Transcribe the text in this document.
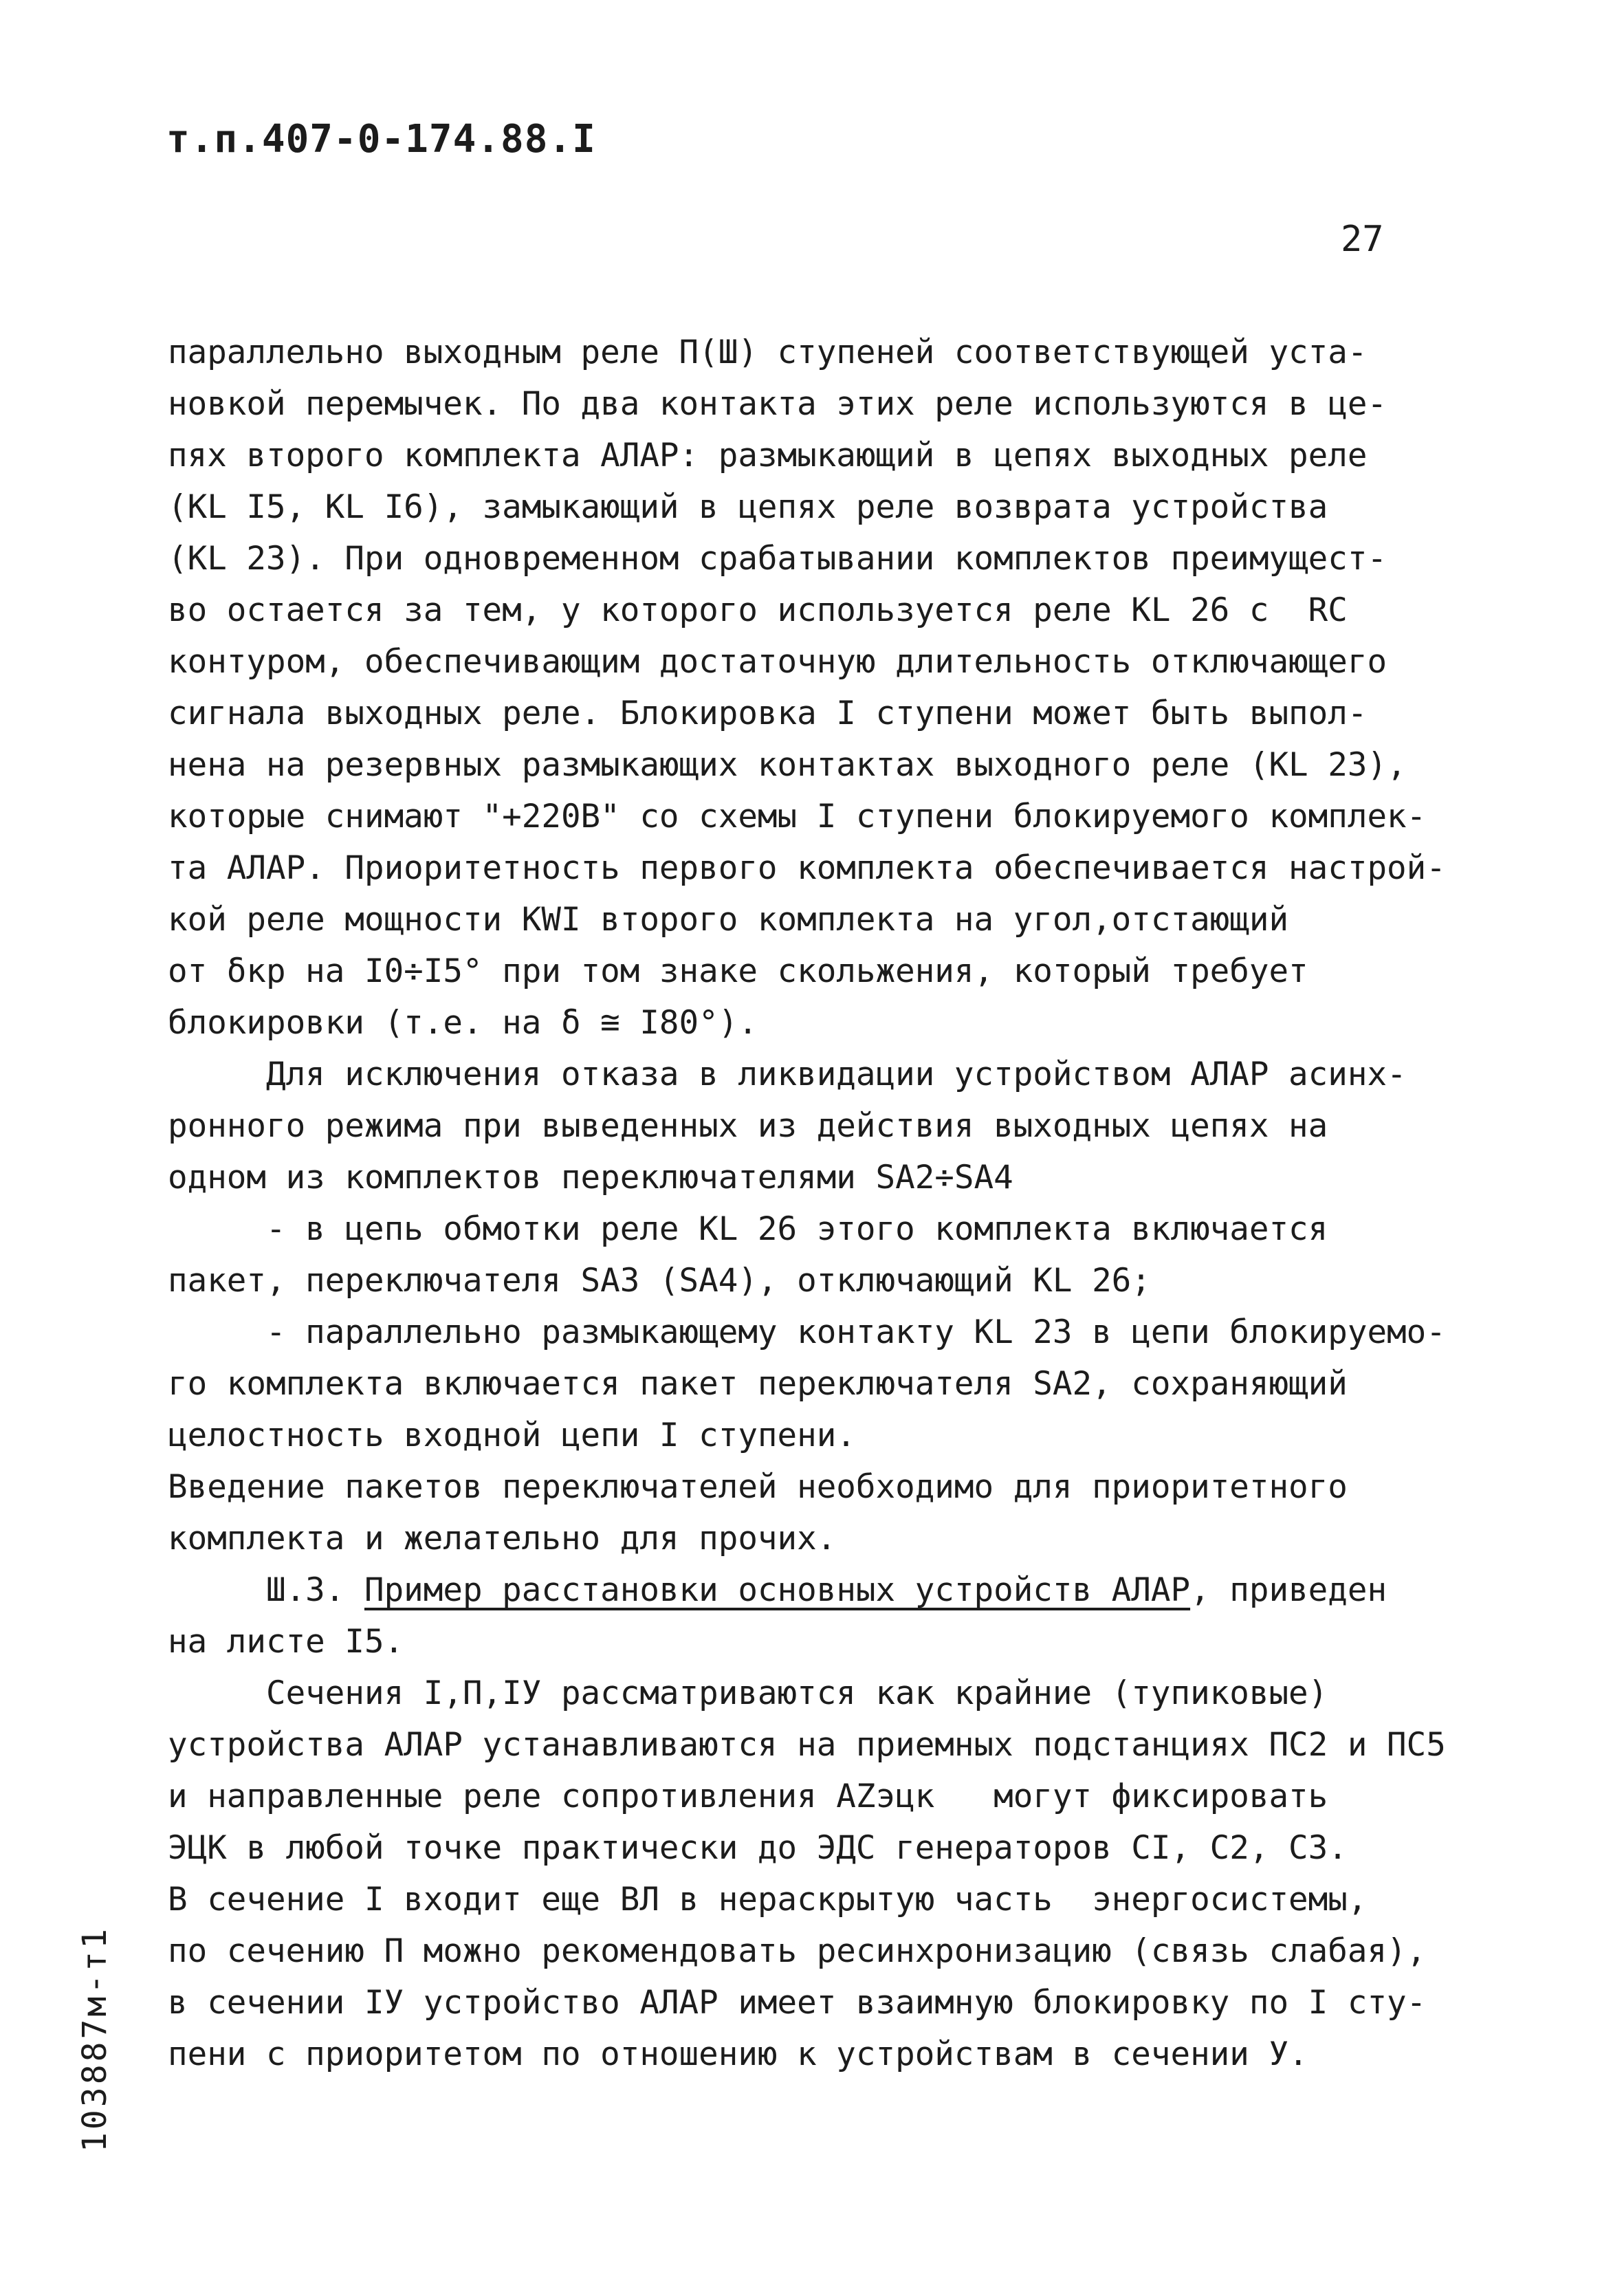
т.п.407-0-174.88.I
27
параллельно выходным реле П(Ш) ступеней соответствующей уста-
новкой перемычек. По два контакта этих реле используются в це-
пях второго комплекта АЛАР: размыкающий в цепях выходных реле
(KL I5, KL I6), замыкающий в цепях реле возврата устройства
(KL 23). При одновременном срабатывании комплектов преимущест-
во остается за тем, у которого используется реле KL 26 с  RC
контуром, обеспечивающим достаточную длительность отключающего
сигнала выходных реле. Блокировка I ступени может быть выпол-
нена на резервных размыкающих контактах выходного реле (KL 23),
которые снимают "+220В" со схемы I ступени блокируемого комплек-
та АЛАР. Приоритетность первого комплекта обеспечивается настрой-
кой реле мощности KWI второго комплекта на угол,отстающий
от δкр на I0÷I5° при том знаке скольжения, который требует
блокировки (т.е. на δ ≅ I80°).
Для исключения отказа в ликвидации устройством АЛАР асинх-
ронного режима при выведенных из действия выходных цепях на
одном из комплектов переключателями SA2÷SA4
- в цепь обмотки реле KL 26 этого комплекта включается
пакет, переключателя SA3 (SA4), отключающий KL 26;
- параллельно размыкающему контакту KL 23 в цепи блокируемо-
го комплекта включается пакет переключателя SA2, сохраняющий
целостность входной цепи I ступени.
Введение пакетов переключателей необходимо для приоритетного
комплекта и желательно для прочих.
Ш.3. Пример расстановки основных устройств АЛАР, приведен
на листе I5.
Сечения I,П,IУ рассматриваются как крайние (тупиковые)
устройства АЛАР устанавливаются на приемных подстанциях ПС2 и ПС5
и направленные реле сопротивления AZэцк   могут фиксировать
ЭЦК в любой точке практически до ЭДС генераторов CI, C2, C3.
В сечение I входит еще ВЛ в нераскрытую часть  энергосистемы,
по сечению П можно рекомендовать ресинхронизацию (связь слабая),
в сечении IУ устройство АЛАР имеет взаимную блокировку по I сту-
пени с приоритетом по отношению к устройствам в сечении У.
103887м-т1
